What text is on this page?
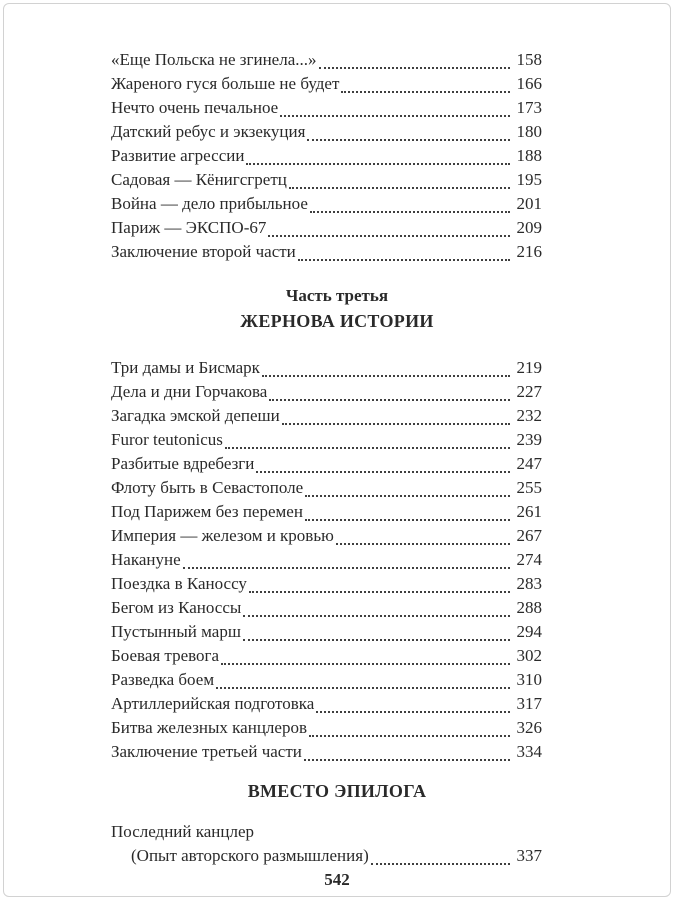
«Еще Польска не згинела...»	158
Жареного гуся больше не будет	166
Нечто очень печальное	173
Датский ребус и экзекуция	180
Развитие агрессии	188
Садовая — Кёнигсгретц	195
Война — дело прибыльное	201
Париж — ЭКСПО-67	209
Заключение второй части	216
Часть третья
ЖЕРНОВА ИСТОРИИ
Три дамы и Бисмарк	219
Дела и дни Горчакова	227
Загадка эмской депеши	232
Furor teutonicus	239
Разбитые вдребезги	247
Флоту быть в Севастополе	255
Под Парижем без перемен	261
Империя — железом и кровью	267
Накануне	274
Поездка в Каноссу	283
Бегом из Каноссы	288
Пустынный марш	294
Боевая тревога	302
Разведка боем	310
Артиллерийская подготовка	317
Битва железных канцлеров	326
Заключение третьей части	334
ВМЕСТО ЭПИЛОГА
Последний канцлер
(Опыт авторского размышления)	337
542
